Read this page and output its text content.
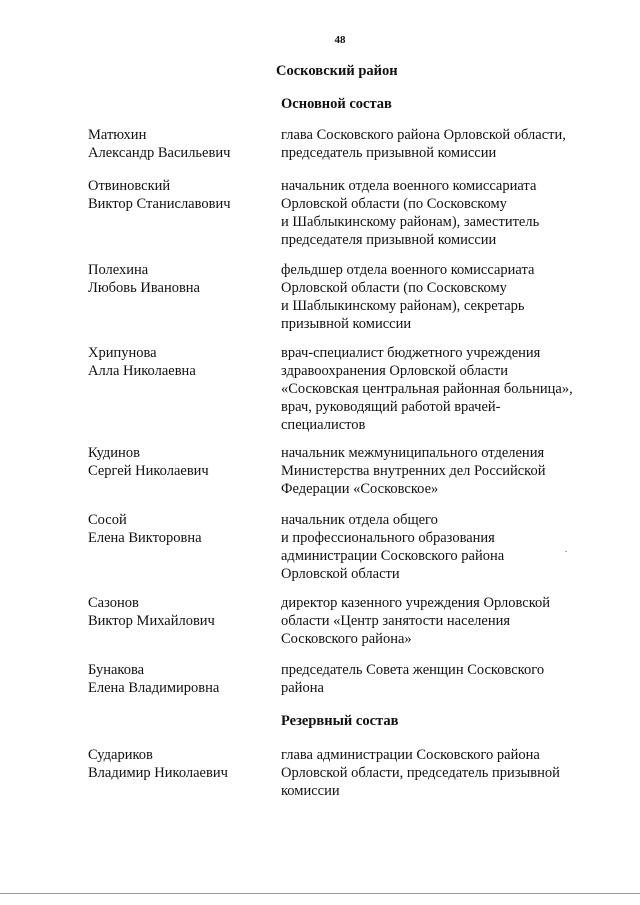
48
Сосковский район
Основной состав
Матюхин
Александр Васильевич
глава Сосковского района Орловской области,
председатель призывной комиссии
Отвиновский
Виктор Станиславович
начальник отдела военного комиссариата
Орловской области (по Сосковскому
и Шаблыкинскому районам), заместитель
председателя призывной комиссии
Полехина
Любовь Ивановна
фельдшер отдела военного комиссариата
Орловской области (по Сосковскому
и Шаблыкинскому районам), секретарь
призывной комиссии
Хрипунова
Алла Николаевна
врач-специалист бюджетного учреждения
здравоохранения Орловской области
«Сосковская центральная районная больница»,
врач, руководящий работой врачей-
специалистов
Кудинов
Сергей Николаевич
начальник межмуниципального отделения
Министерства внутренних дел Российской
Федерации «Сосковское»
Сосой
Елена Викторовна
начальник отдела общего
и профессионального образования
администрации Сосковского района
Орловской области
Сазонов
Виктор Михайлович
директор казенного учреждения Орловской
области «Центр занятости населения
Сосковского района»
Бунакова
Елена Владимировна
председатель Совета женщин Сосковского
района
Резервный состав
Судариков
Владимир Николаевич
глава администрации Сосковского района
Орловской области, председатель призывной
комиссии
